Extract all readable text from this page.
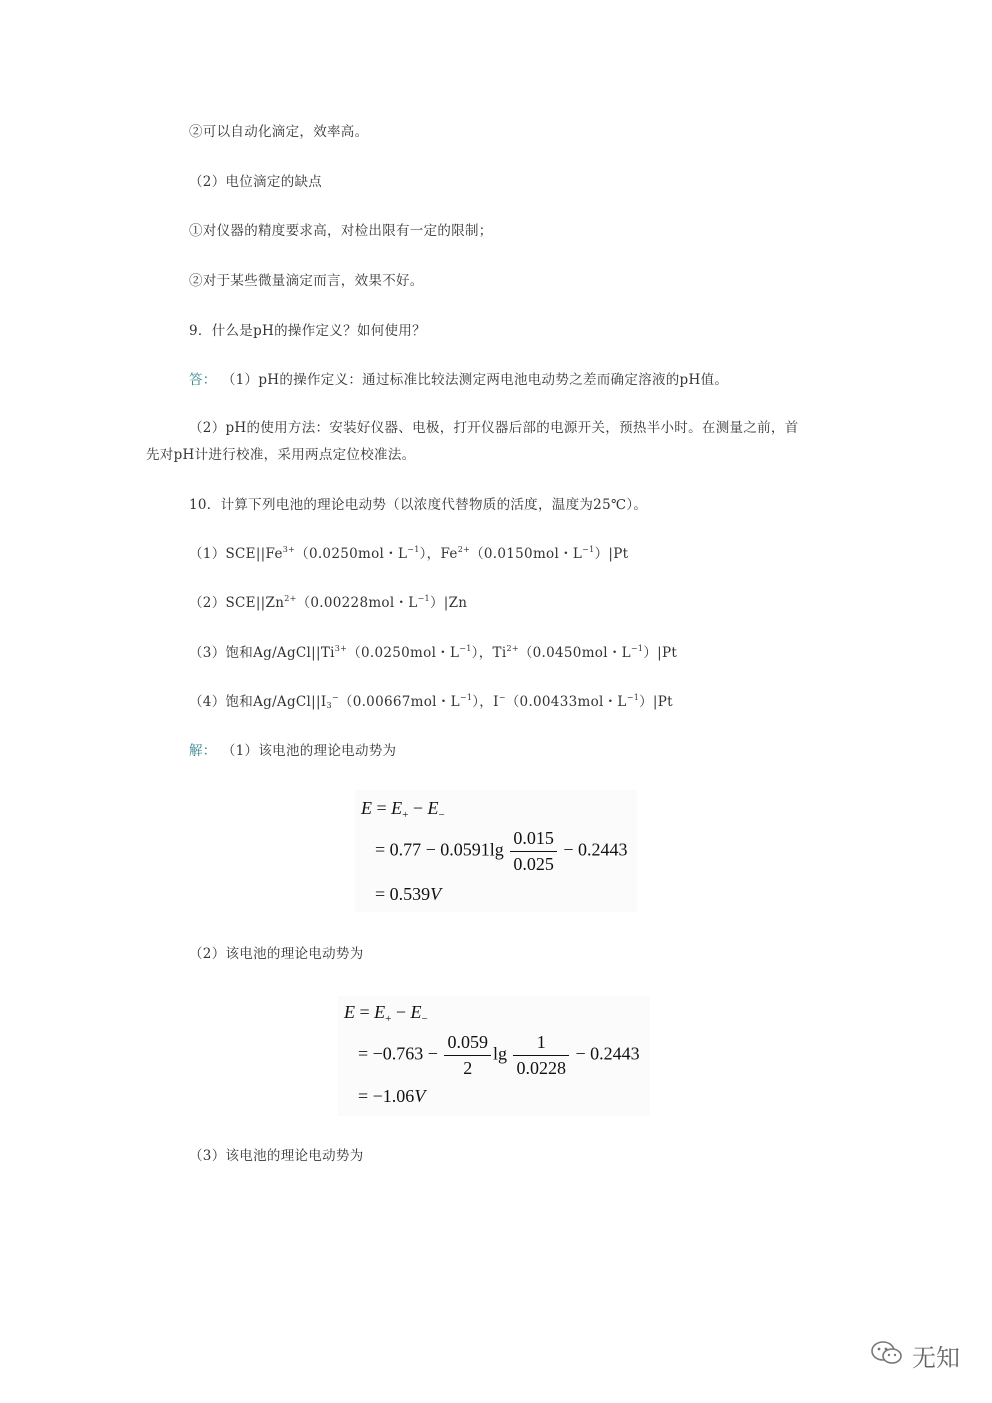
②可以自动化滴定，效率高。
（2）电位滴定的缺点
①对仪器的精度要求高，对检出限有一定的限制；
②对于某些微量滴定而言，效果不好。
9．什么是pH的操作定义？如何使用？
答： （1）pH的操作定义：通过标准比较法测定两电池电动势之差而确定溶液的pH值。
（2）pH的使用方法：安装好仪器、电极，打开仪器后部的电源开关，预热半小时。在测量之前，首
先对pH计进行校准，采用两点定位校准法。
10．计算下列电池的理论电动势（以浓度代替物质的活度，温度为25℃）。
$(1)SCE||Fe^{3+}(0.0250mol$・$L^{-1}$），$Fe^{2+}(0.0150mol$・$L^{-1})|Pt$
$(2)SCE||Zn^{2+}(0.00228mol$・$L^{-1})|Zn$
（3）饱和$Ag/AgCl||Ti^{3+}(0.0250mol$・$L^{-1}$），$Ti^{2+}(0.0450mol$・$L^{-1})|Pt$
（4）饱和$Ag/AgCl||I_3^-(0.00667mol$・$L^{-1}$），I−（0.00433mol・$L^{-1})|Pt$
解： （1）该电池的理论电动势为
$E = E_+ - E_-$
= $0.77 - 0.0591\lg \frac{0.015}{0.025} - 0.2443$
= 0.539V
（2）该电池的理论电动势为
$E = E_+ - E_-$
= $-0.763 - \frac{0.059}{2}$ $\lg \frac{1}{0.0228} - 0.2443$
= −1.06V
（3）该电池的理论电动势为
无知
